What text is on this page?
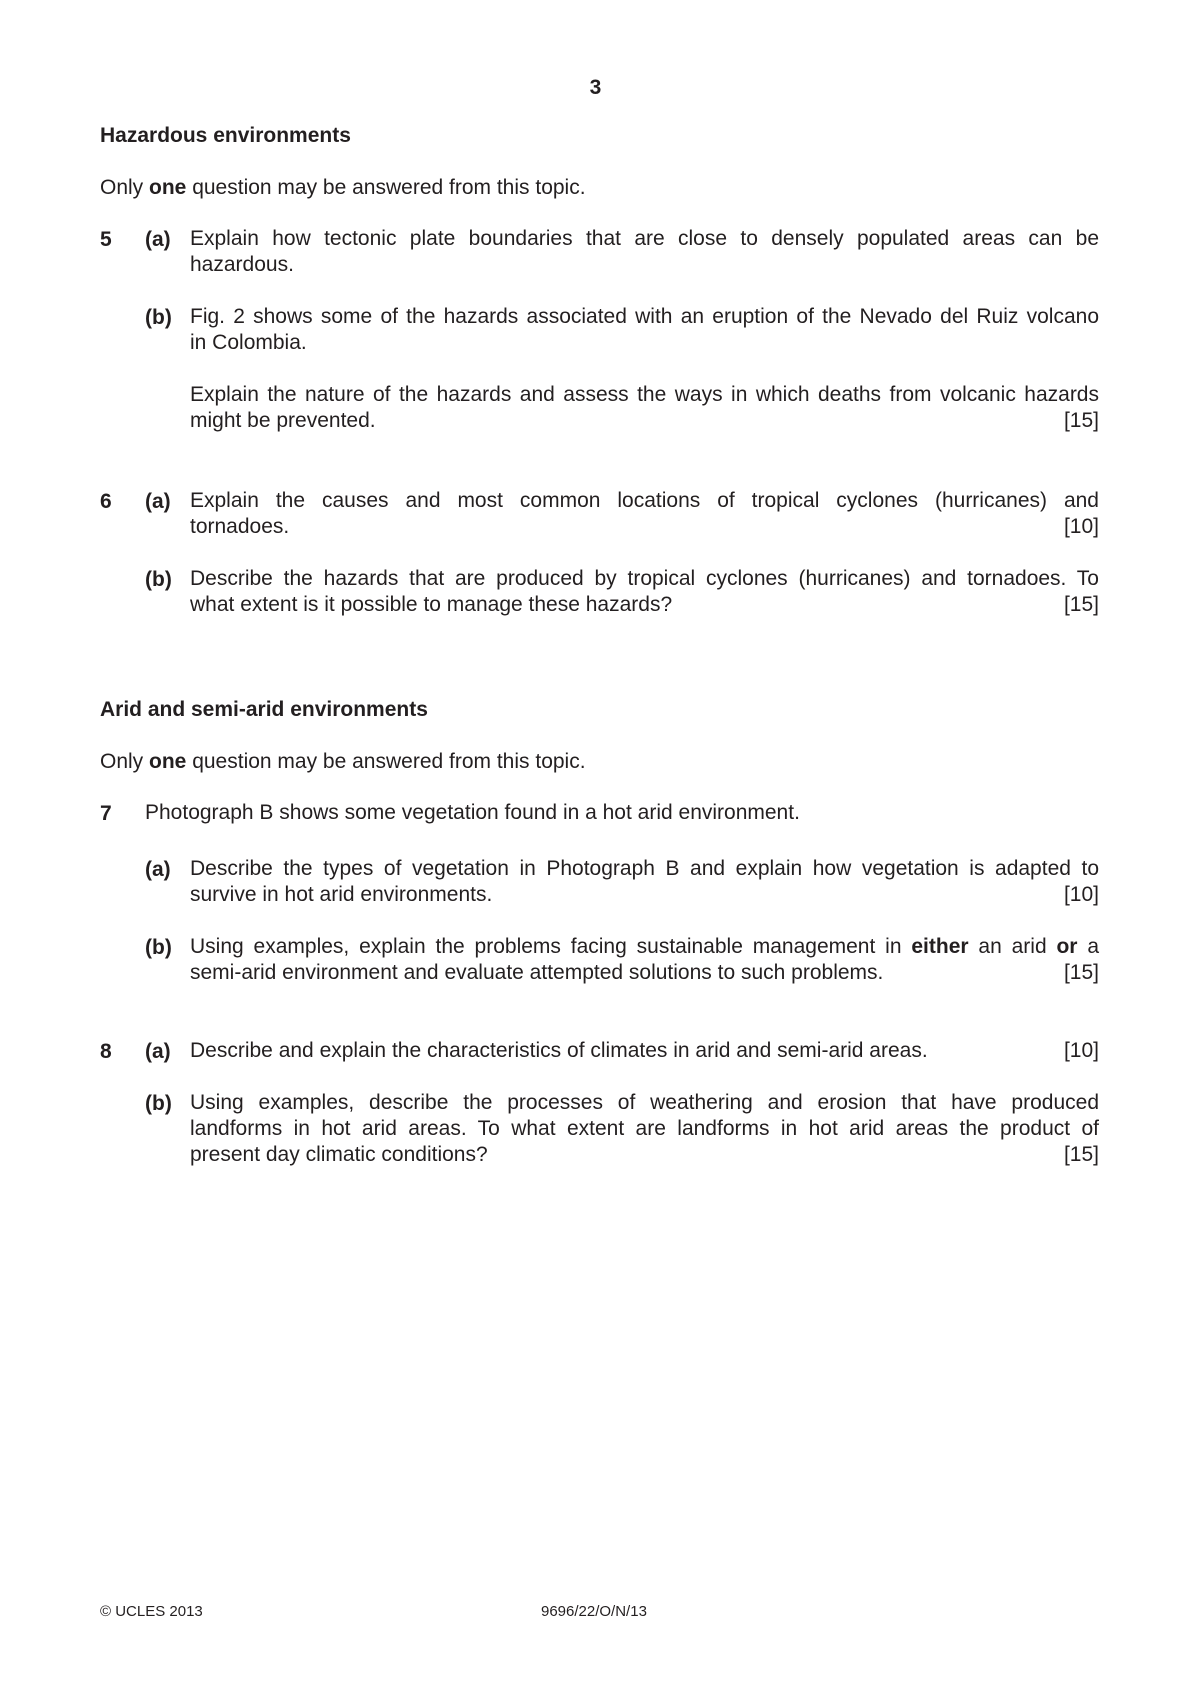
3
Hazardous environments
Only one question may be answered from this topic.
5 (a) Explain how tectonic plate boundaries that are close to densely populated areas can be
hazardous.
(b) Fig. 2 shows some of the hazards associated with an eruption of the Nevado del Ruiz volcano
in Colombia.
Explain the nature of the hazards and assess the ways in which deaths from volcanic hazards
might be prevented.	[15]
6 (a) Explain the causes and most common locations of tropical cyclones (hurricanes) and
tornadoes.	[10]
(b) Describe the hazards that are produced by tropical cyclones (hurricanes) and tornadoes. To
what extent is it possible to manage these hazards?	[15]
Arid and semi-arid environments
Only one question may be answered from this topic.
7 Photograph B shows some vegetation found in a hot arid environment.
(a) Describe the types of vegetation in Photograph B and explain how vegetation is adapted to
survive in hot arid environments.	[10]
(b) Using examples, explain the problems facing sustainable management in either an arid or a
semi-arid environment and evaluate attempted solutions to such problems.	[15]
8 (a) Describe and explain the characteristics of climates in arid and semi-arid areas.	[10]
(b) Using examples, describe the processes of weathering and erosion that have produced
landforms in hot arid areas. To what extent are landforms in hot arid areas the product of
present day climatic conditions?	[15]
© UCLES 2013	9696/22/O/N/13
